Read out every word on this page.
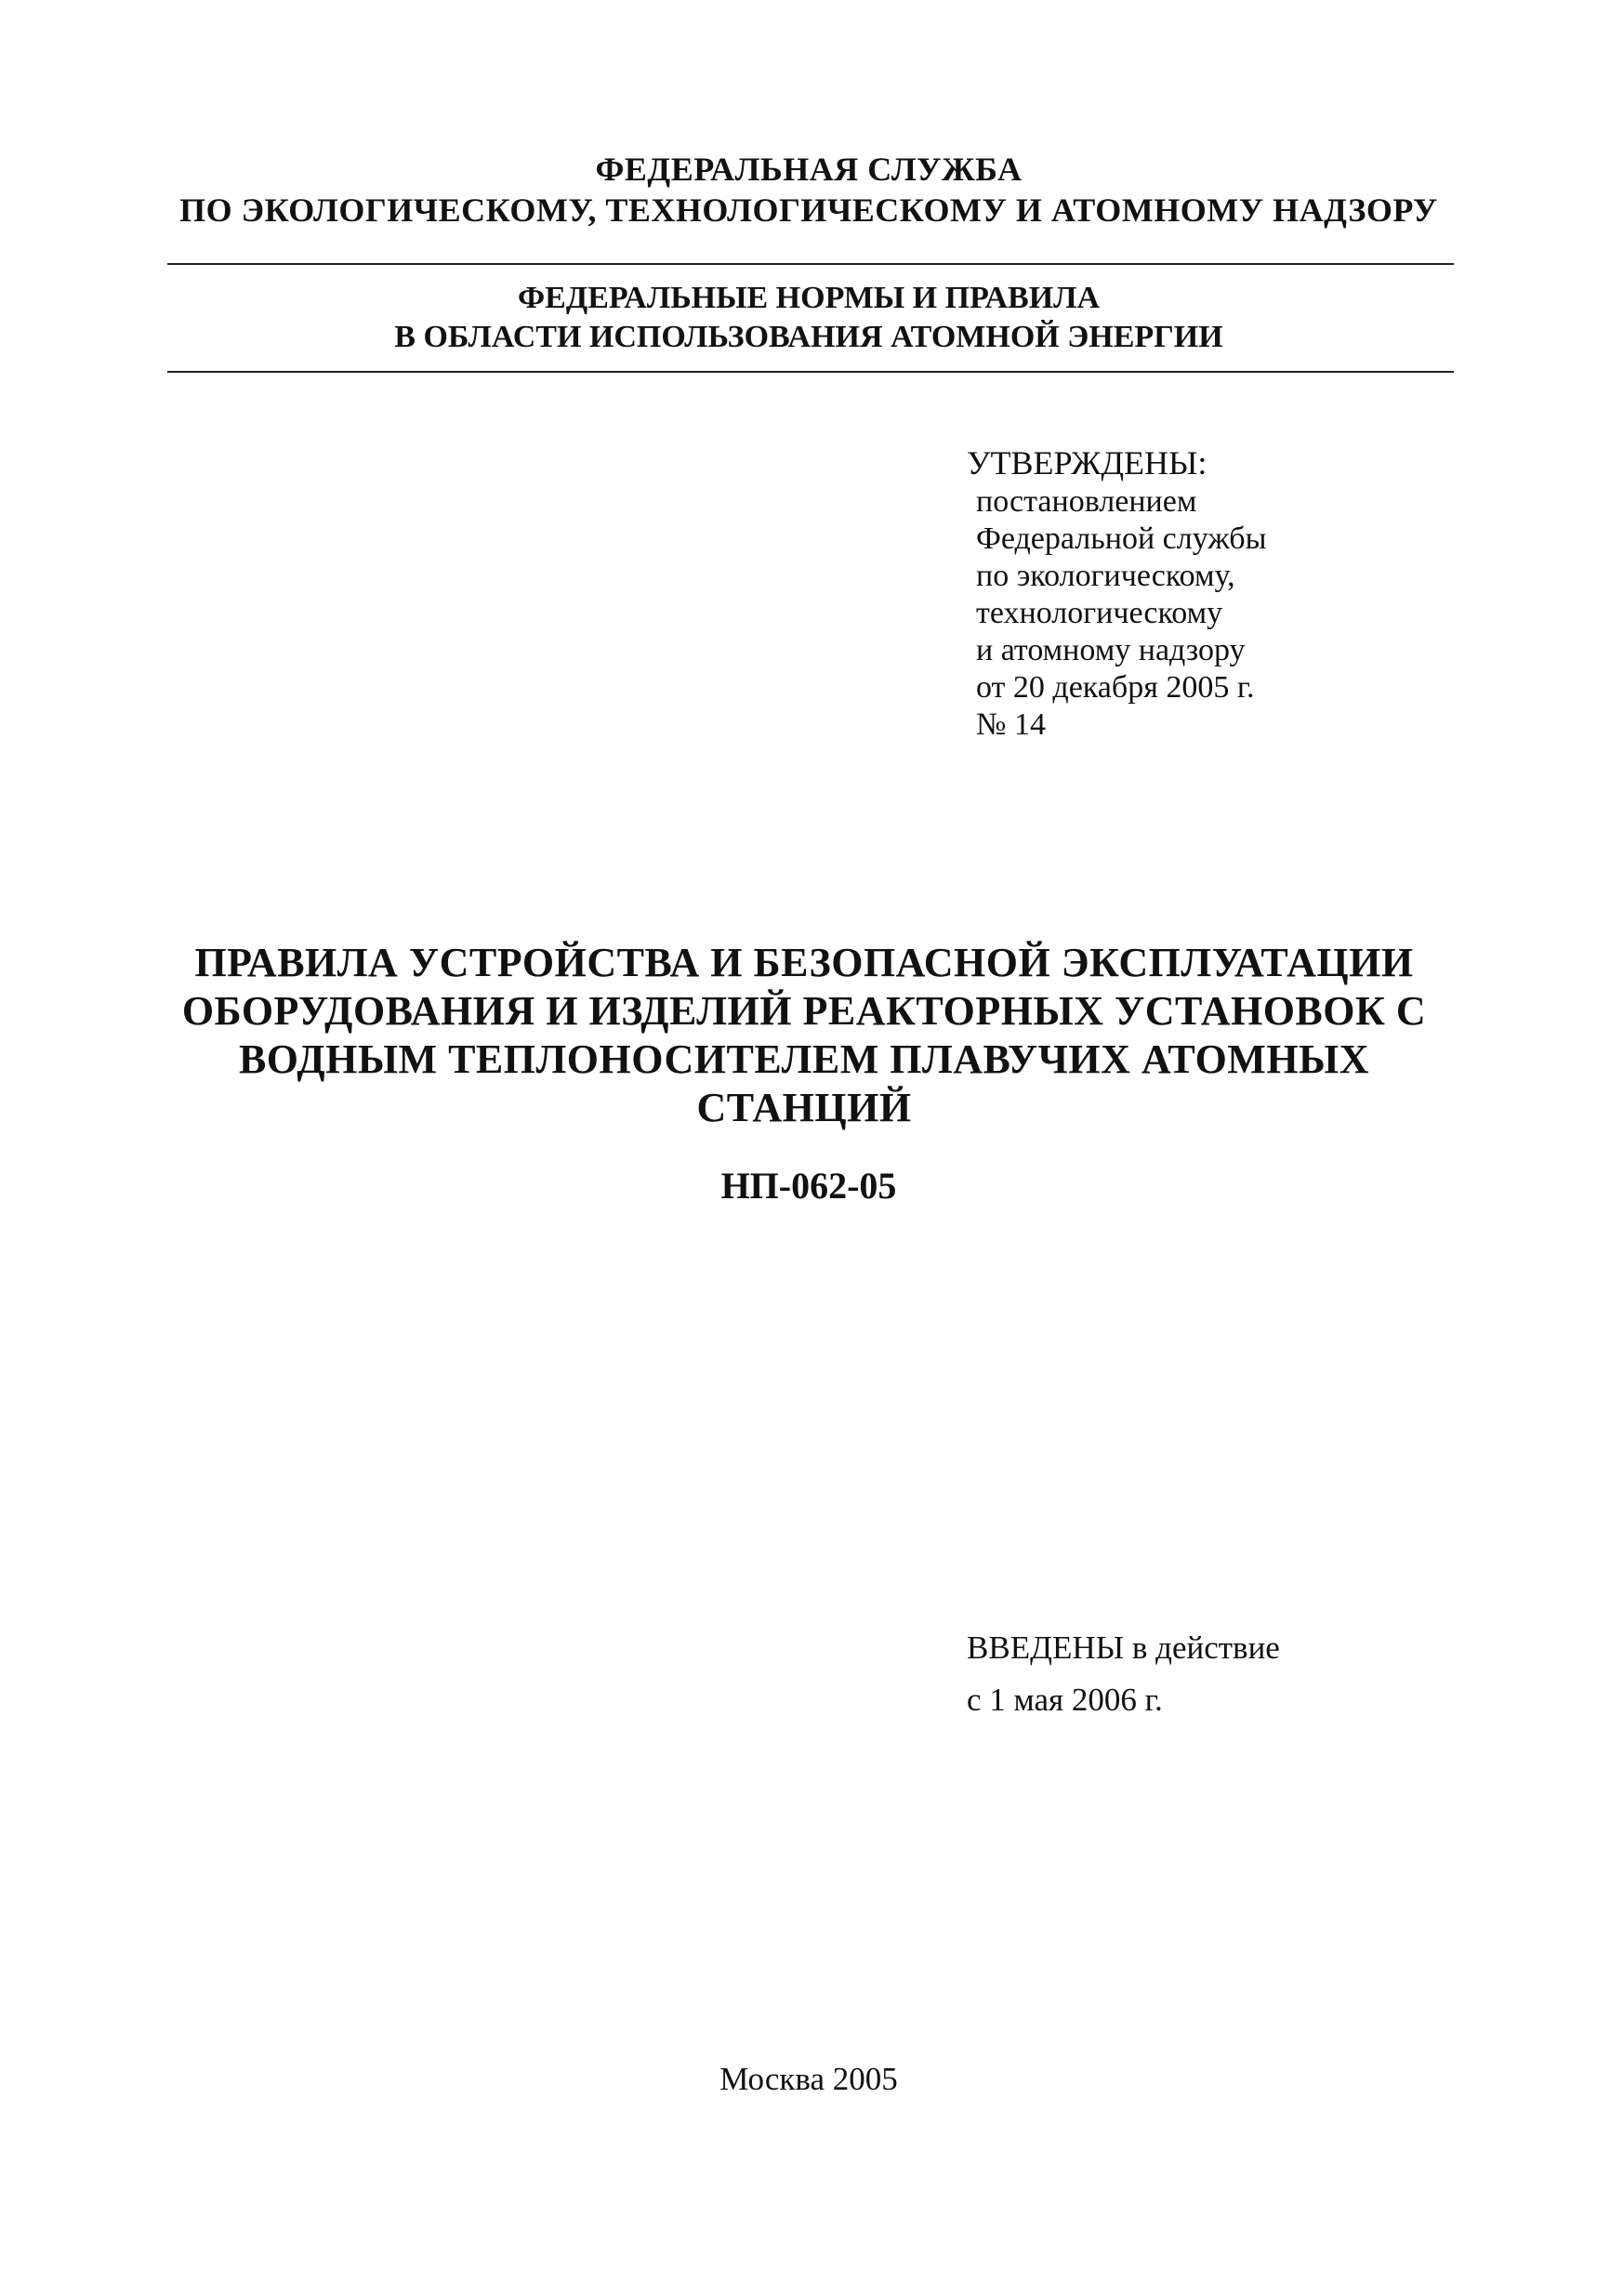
ФЕДЕРАЛЬНАЯ СЛУЖБА
ПО ЭКОЛОГИЧЕСКОМУ, ТЕХНОЛОГИЧЕСКОМУ И АТОМНОМУ НАДЗОРУ
ФЕДЕРАЛЬНЫЕ НОРМЫ И ПРАВИЛА
В ОБЛАСТИ ИСПОЛЬЗОВАНИЯ АТОМНОЙ ЭНЕРГИИ
УТВЕРЖДЕНЫ:
постановлением
Федеральной службы
по экологическому,
технологическому
и атомному надзору
от 20 декабря 2005 г.
№ 14
ПРАВИЛА УСТРОЙСТВА И БЕЗОПАСНОЙ ЭКСПЛУАТАЦИИ
ОБОРУДОВАНИЯ И ИЗДЕЛИЙ РЕАКТОРНЫХ УСТАНОВОК С
ВОДНЫМ ТЕПЛОНОСИТЕЛЕМ ПЛАВУЧИХ АТОМНЫХ СТАНЦИЙ
НП-062-05
ВВЕДЕНЫ в действие
с 1 мая 2006 г.
Москва 2005
